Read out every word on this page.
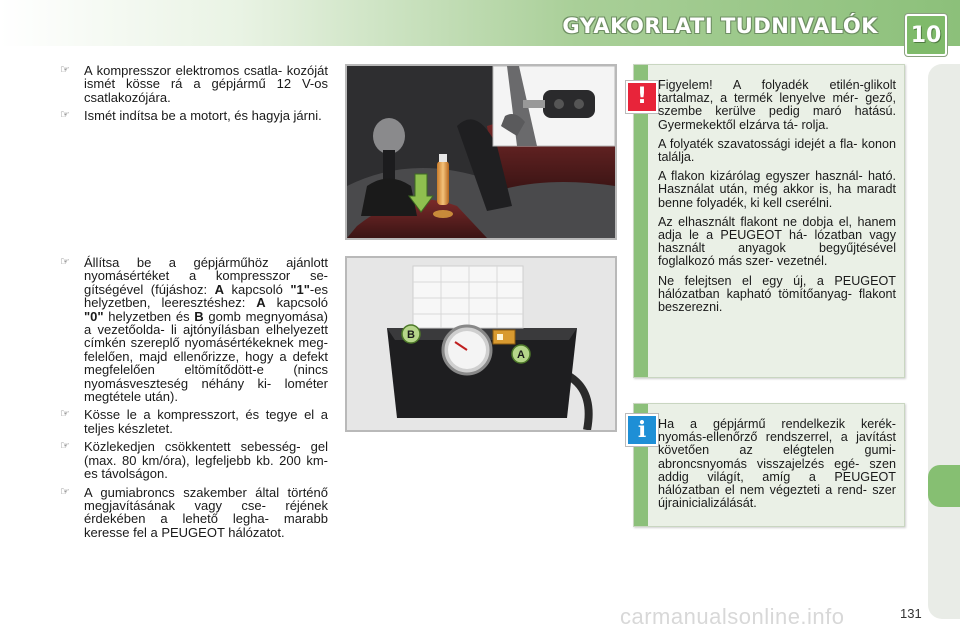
GYAKORLATI TUDNIVALÓK 10
☞	A kompresszor elektromos csatla- kozóját ismét kösse rá a gépjármű 12 V-os csatlakozójára.
☞	Ismét indítsa be a motort, és hagyja járni.
☞	Állítsa be a gépjárműhöz ajánlott nyomásértéket a kompresszor se- gítségével (fújáshoz: A kapcsoló "1"-es helyzetben, leeresztéshez: A kapcsoló "0" helyzetben és B gomb megnyomása) a vezetőolda- li ajtónyílásban elhelyezett címkén szereplő nyomásértékeknek meg- felelően, majd ellenőrizze, hogy a defekt megfelelően eltömítődött-e (nincs nyomásveszteség néhány ki- lométer megtétele után).
☞	Kösse le a kompresszort, és tegye el a teljes készletet.
☞	Közlekedjen csökkentett sebesség- gel (max. 80 km/óra), legfeljebb kb. 200 km-es távolságon.
☞	A gumiabroncs szakember által történő megjavításának vagy cse- réjének érdekében a lehető legha- marabb keresse fel a PEUGEOT hálózatot.
B
A
! Figyelem! A folyadék etilén-glikolt tartalmaz, a termék lenyelve mér- gező, szembe kerülve pedig maró hatású. Gyermekektől elzárva tá- rolja.

A folyaték szavatossági idejét a fla- konon találja.

A flakon kizárólag egyszer használ- ható. Használat után, még akkor is, ha maradt benne folyadék, ki kell cserélni.

Az elhasznált flakont ne dobja el, hanem adja le a PEUGEOT há- lózatban vagy használt anyagok begyűjtésével foglalkozó más szer- vezetnél.

Ne felejtsen el egy új, a PEUGEOT hálózatban kapható tömítőanyag- flakont beszerezni.

i Ha a gépjármű rendelkezik kerék- nyomás-ellenőrző rendszerrel, a javítást követően az elégtelen gumi- abroncsnyomás visszajelzés egé- szen addig világít, amíg a PEUGEOT hálózatban el nem végezteti a rend- szer újrainicializálását.

carmanualsonline.info	131
